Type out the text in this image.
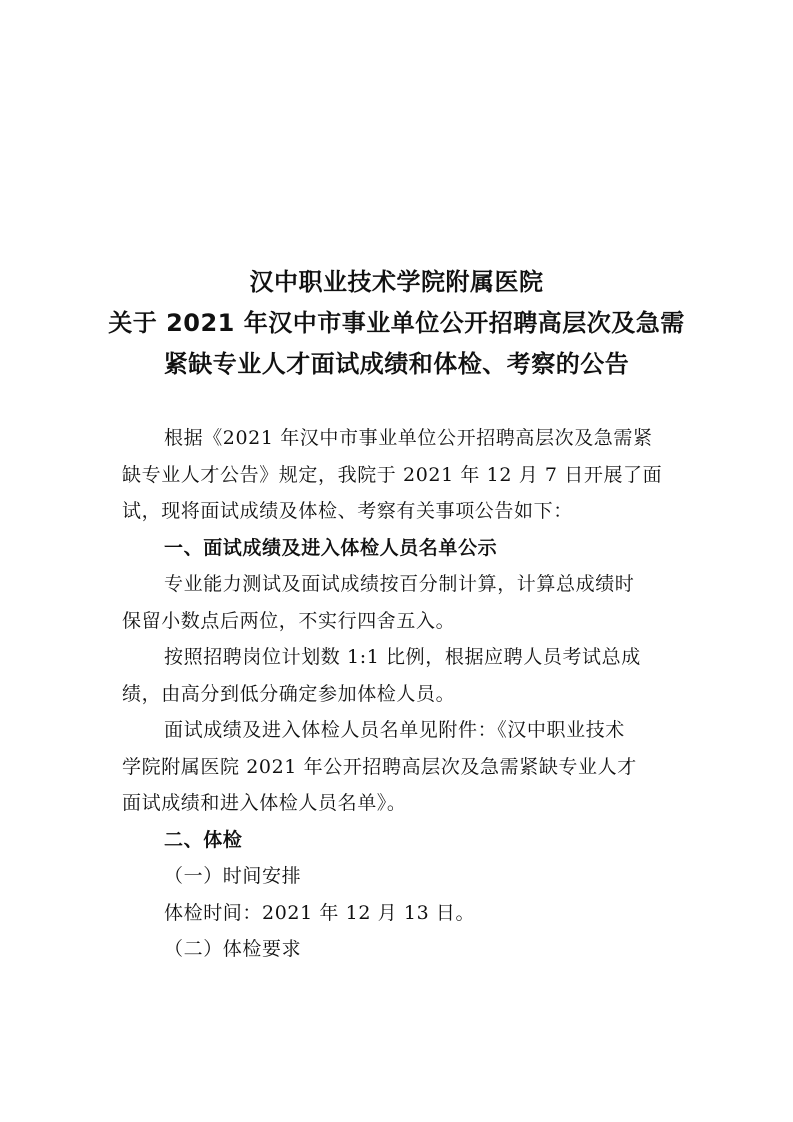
汉中职业技术学院附属医院
关于 2021 年汉中市事业单位公开招聘高层次及急需
紧缺专业人才面试成绩和体检、考察的公告
根据《2021 年汉中市事业单位公开招聘高层次及急需紧
缺专业人才公告》规定，我院于 2021 年 12 月 7 日开展了面
试，现将面试成绩及体检、考察有关事项公告如下：
一、面试成绩及进入体检人员名单公示
专业能力测试及面试成绩按百分制计算，计算总成绩时
保留小数点后两位，不实行四舍五入。
按照招聘岗位计划数 1:1 比例，根据应聘人员考试总成
绩，由高分到低分确定参加体检人员。
面试成绩及进入体检人员名单见附件：《汉中职业技术
学院附属医院 2021 年公开招聘高层次及急需紧缺专业人才
面试成绩和进入体检人员名单》。
二、体检
（一）时间安排
体检时间：2021 年 12 月 13 日。
（二）体检要求
